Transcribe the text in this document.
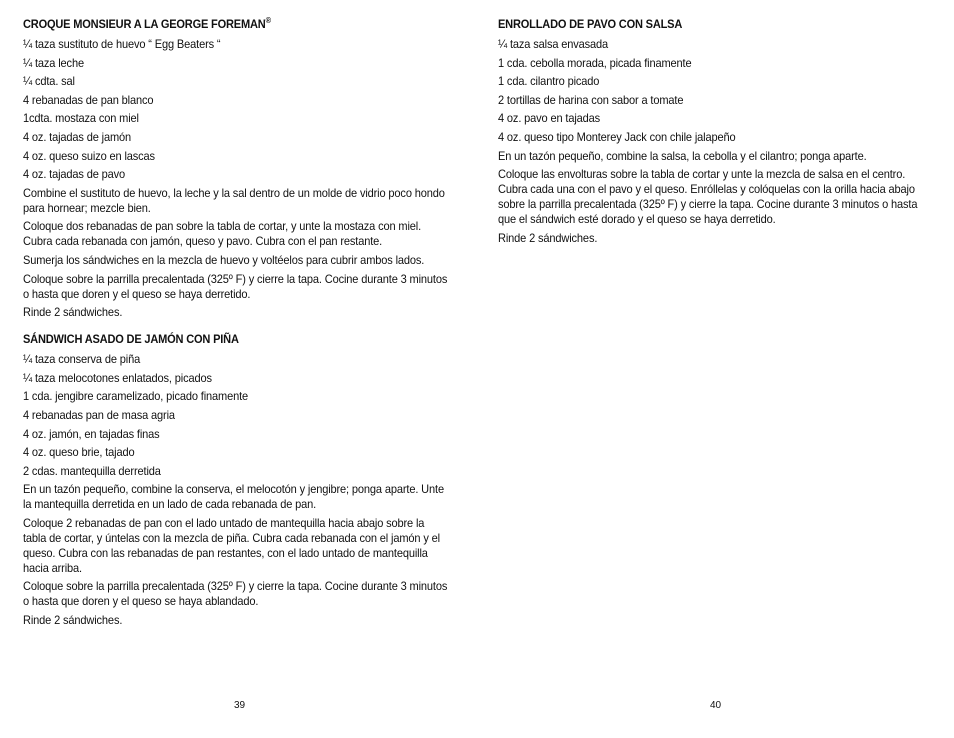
CROQUE MONSIEUR A LA GEORGE FOREMAN®
¼ taza sustituto de huevo “ Egg Beaters “
¼ taza leche
¼ cdta. sal
4 rebanadas de pan blanco
1cdta. mostaza con miel
4 oz. tajadas de jamón
4 oz. queso suizo en lascas
4 oz. tajadas de pavo
Combine el sustituto de huevo, la leche y la sal dentro de un molde de vidrio poco hondo para hornear; mezcle bien.
Coloque dos rebanadas de pan sobre la tabla de cortar, y unte la mostaza con miel. Cubra cada rebanada con jamón, queso y pavo. Cubra con el pan restante.
Sumerja los sándwiches en la mezcla de huevo y voltéelos para cubrir ambos lados.
Coloque sobre la parrilla precalentada (325º F) y cierre la tapa. Cocine durante 3 minutos o hasta que doren y el queso se haya derretido.
Rinde 2 sándwiches.
SÁNDWICH ASADO DE JAMÓN CON PIÑA
¼ taza conserva de piña
¼ taza melocotones enlatados, picados
1 cda. jengibre caramelizado, picado finamente
4 rebanadas pan de masa agria
4 oz. jamón, en tajadas finas
4 oz. queso brie, tajado
2 cdas. mantequilla derretida
En un tazón pequeño, combine la conserva, el melocotón y jengibre; ponga aparte. Unte la mantequilla derretida en un lado de cada rebanada de pan.
Coloque 2 rebanadas de pan con el lado untado de mantequilla hacia abajo sobre la tabla de cortar, y úntelas con la mezcla de piña. Cubra cada rebanada con el jamón y el queso. Cubra con las rebanadas de pan restantes, con el lado untado de mantequilla hacia arriba.
Coloque sobre la parrilla precalentada (325º F) y cierre la tapa. Cocine durante 3 minutos o hasta que doren y el queso se haya ablandado.
Rinde 2 sándwiches.
39
ENROLLADO DE PAVO CON SALSA
¼ taza salsa envasada
1 cda. cebolla morada, picada finamente
1 cda. cilantro picado
2 tortillas de harina con sabor a tomate
4 oz. pavo en tajadas
4 oz. queso tipo Monterey Jack con chile jalapeño
En un tazón pequeño, combine la salsa, la cebolla y el cilantro; ponga aparte.
Coloque las envolturas sobre la tabla de cortar y unte la mezcla de salsa en el centro. Cubra cada una con el pavo y el queso. Enróllelas y colóquelas con la orilla hacia abajo sobre la parrilla precalentada (325º F) y cierre la tapa. Cocine durante 3 minutos o hasta que el sándwich esté dorado y el queso se haya derretido.
Rinde 2 sándwiches.
40
